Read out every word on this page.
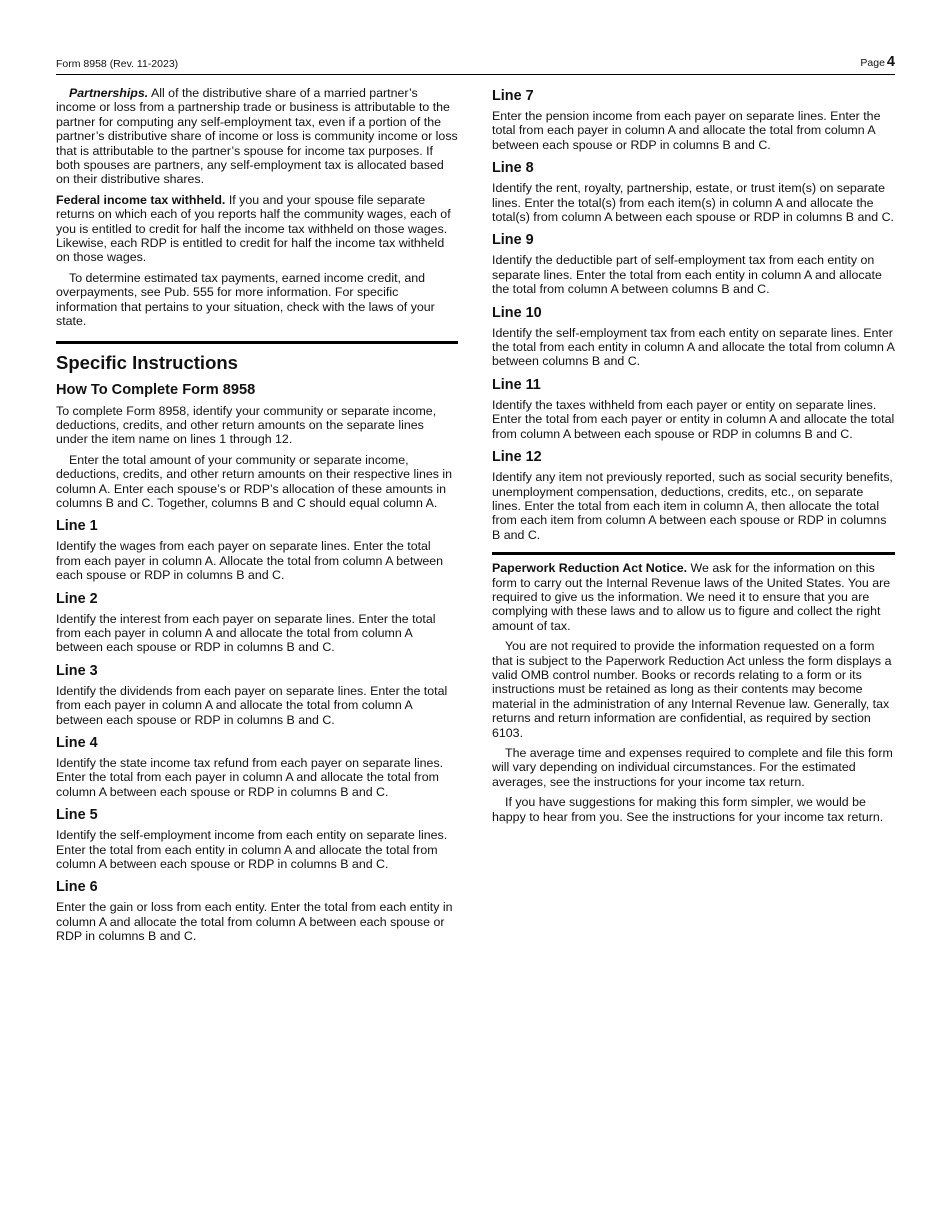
Form 8958 (Rev. 11-2023)	Page 4

Partnerships. All of the distributive share of a married partner’s income or loss from a partnership trade or business is attributable to the partner for computing any self-employment tax, even if a portion of the partner’s distributive share of income or loss is community income or loss that is attributable to the partner’s spouse for income tax purposes. If both spouses are partners, any self-employment tax is allocated based on their distributive shares.

Federal income tax withheld. If you and your spouse file separate returns on which each of you reports half the community wages, each of you is entitled to credit for half the income tax withheld on those wages. Likewise, each RDP is entitled to credit for half the income tax withheld on those wages.

To determine estimated tax payments, earned income credit, and overpayments, see Pub. 555 for more information. For specific information that pertains to your situation, check with the laws of your state.

Specific Instructions
How To Complete Form 8958

To complete Form 8958, identify your community or separate income, deductions, credits, and other return amounts on the separate lines under the item name on lines 1 through 12.

Enter the total amount of your community or separate income, deductions, credits, and other return amounts on their respective lines in column A. Enter each spouse’s or RDP’s allocation of these amounts in columns B and C. Together, columns B and C should equal column A.

Line 1

Identify the wages from each payer on separate lines. Enter the total from each payer in column A. Allocate the total from column A between each spouse or RDP in columns B and C.

Line 2

Identify the interest from each payer on separate lines. Enter the total from each payer in column A and allocate the total from column A between each spouse or RDP in columns B and C.

Line 3

Identify the dividends from each payer on separate lines. Enter the total from each payer in column A and allocate the total from column A between each spouse or RDP in columns B and C.

Line 4

Identify the state income tax refund from each payer on separate lines. Enter the total from each payer in column A and allocate the total from column A between each spouse or RDP in columns B and C.

Line 5

Identify the self-employment income from each entity on separate lines. Enter the total from each entity in column A and allocate the total from column A between each spouse or RDP in columns B and C.

Line 6

Enter the gain or loss from each entity. Enter the total from each entity in column A and allocate the total from column A between each spouse or RDP in columns B and C.

Line 7

Enter the pension income from each payer on separate lines. Enter the total from each payer in column A and allocate the total from column A between each spouse or RDP in columns B and C.

Line 8

Identify the rent, royalty, partnership, estate, or trust item(s) on separate lines. Enter the total(s) from each item(s) in column A and allocate the total(s) from column A between each spouse or RDP in columns B and C.

Line 9

Identify the deductible part of self-employment tax from each entity on separate lines. Enter the total from each entity in column A and allocate the total from column A between columns B and C.

Line 10

Identify the self-employment tax from each entity on separate lines. Enter the total from each entity in column A and allocate the total from column A between columns B and C.

Line 11

Identify the taxes withheld from each payer or entity on separate lines. Enter the total from each payer or entity in column A and allocate the total from column A between each spouse or RDP in columns B and C.

Line 12

Identify any item not previously reported, such as social security benefits, unemployment compensation, deductions, credits, etc., on separate lines. Enter the total from each item in column A, then allocate the total from each item from column A between each spouse or RDP in columns B and C.

Paperwork Reduction Act Notice. We ask for the information on this form to carry out the Internal Revenue laws of the United States. You are required to give us the information. We need it to ensure that you are complying with these laws and to allow us to figure and collect the right amount of tax.

You are not required to provide the information requested on a form that is subject to the Paperwork Reduction Act unless the form displays a valid OMB control number. Books or records relating to a form or its instructions must be retained as long as their contents may become material in the administration of any Internal Revenue law. Generally, tax returns and return information are confidential, as required by section 6103.

The average time and expenses required to complete and file this form will vary depending on individual circumstances. For the estimated averages, see the instructions for your income tax return.

If you have suggestions for making this form simpler, we would be happy to hear from you. See the instructions for your income tax return.
